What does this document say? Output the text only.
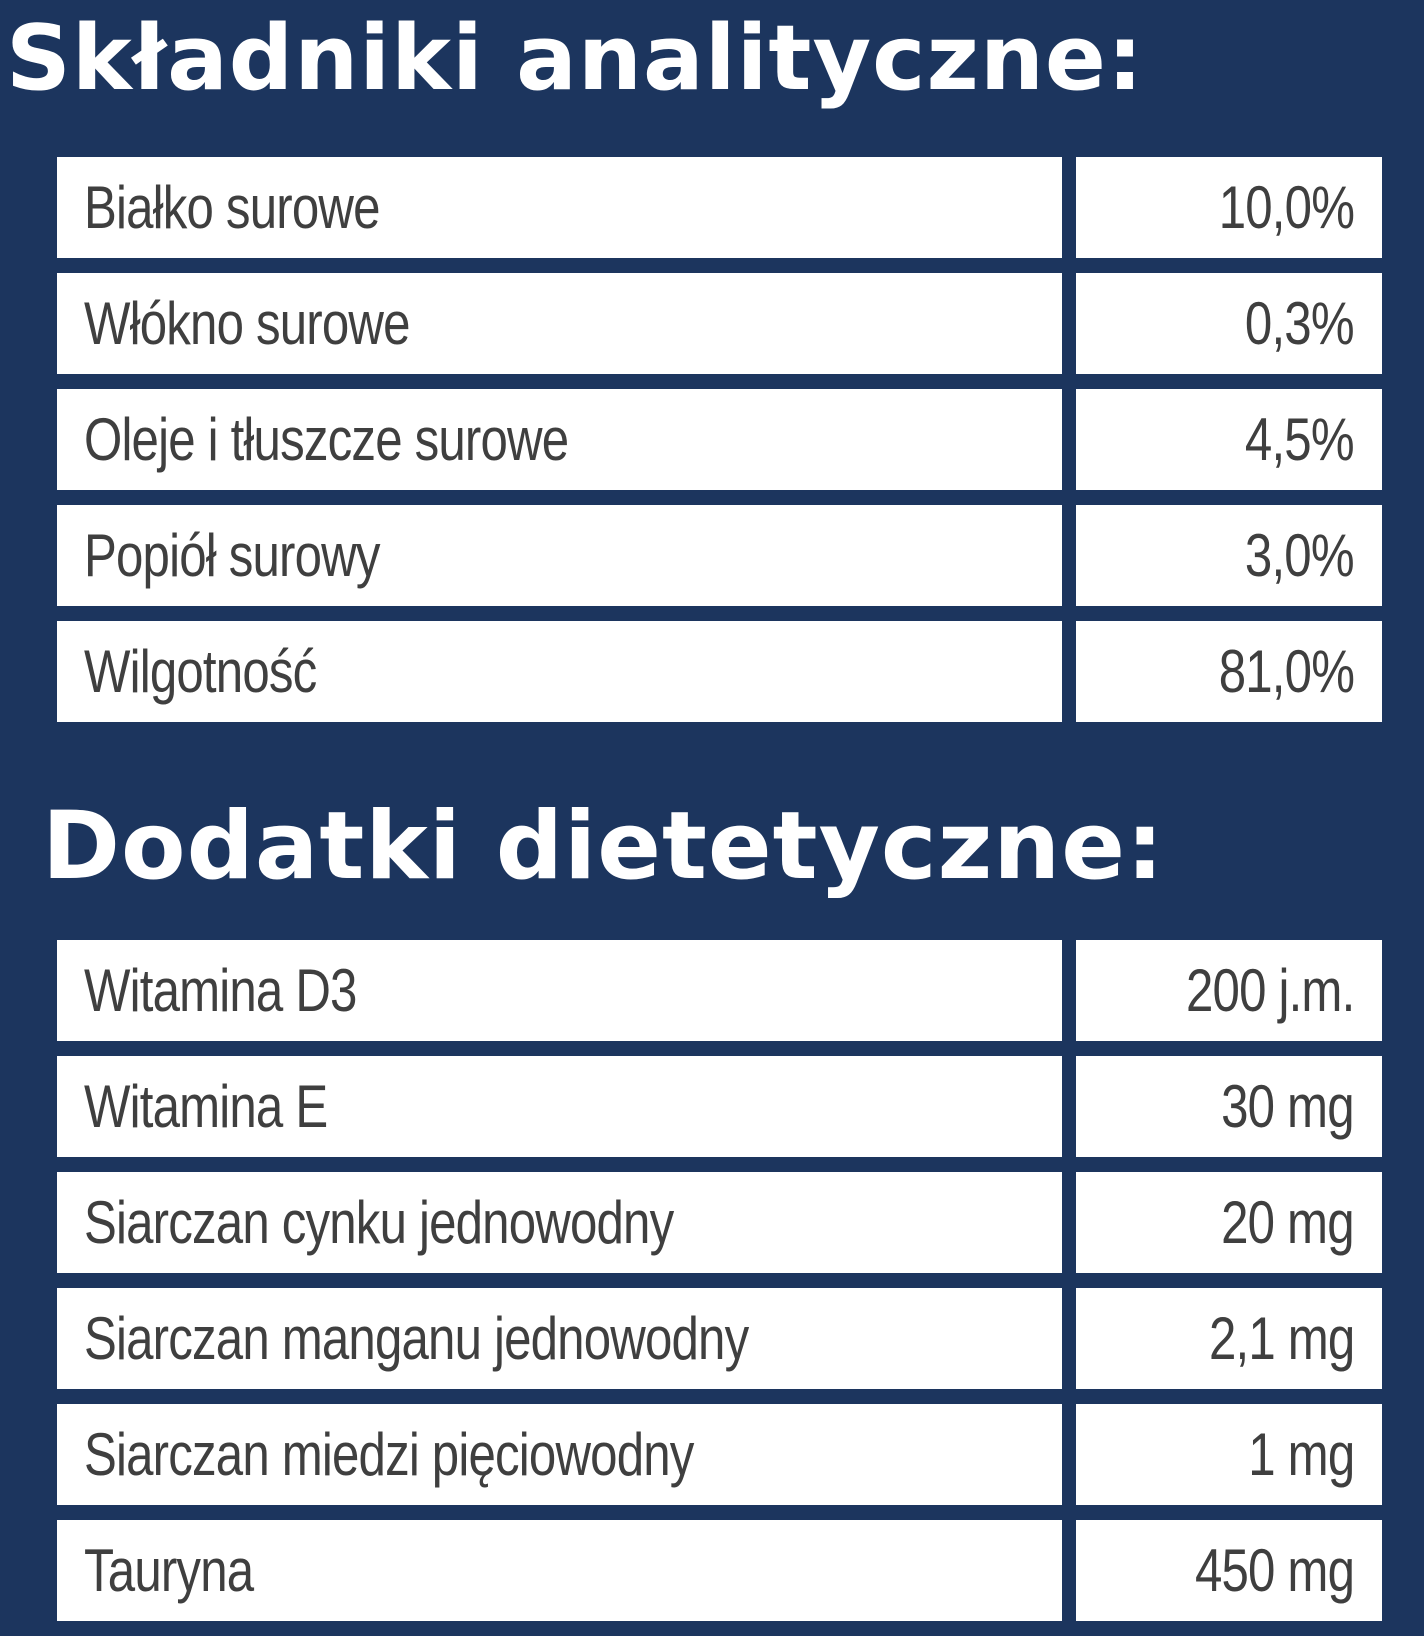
Składniki analityczne:
Białko surowe	10,0%
Włókno surowe	0,3%
Oleje i tłuszcze surowe	4,5%
Popiół surowy	3,0%
Wilgotność	81,0%
Dodatki dietetyczne:
Witamina D3	200 j.m.
Witamina E	30 mg
Siarczan cynku jednowodny	20 mg
Siarczan manganu jednowodny	2,1 mg
Siarczan miedzi pięciowodny	1 mg
Tauryna	450 mg
